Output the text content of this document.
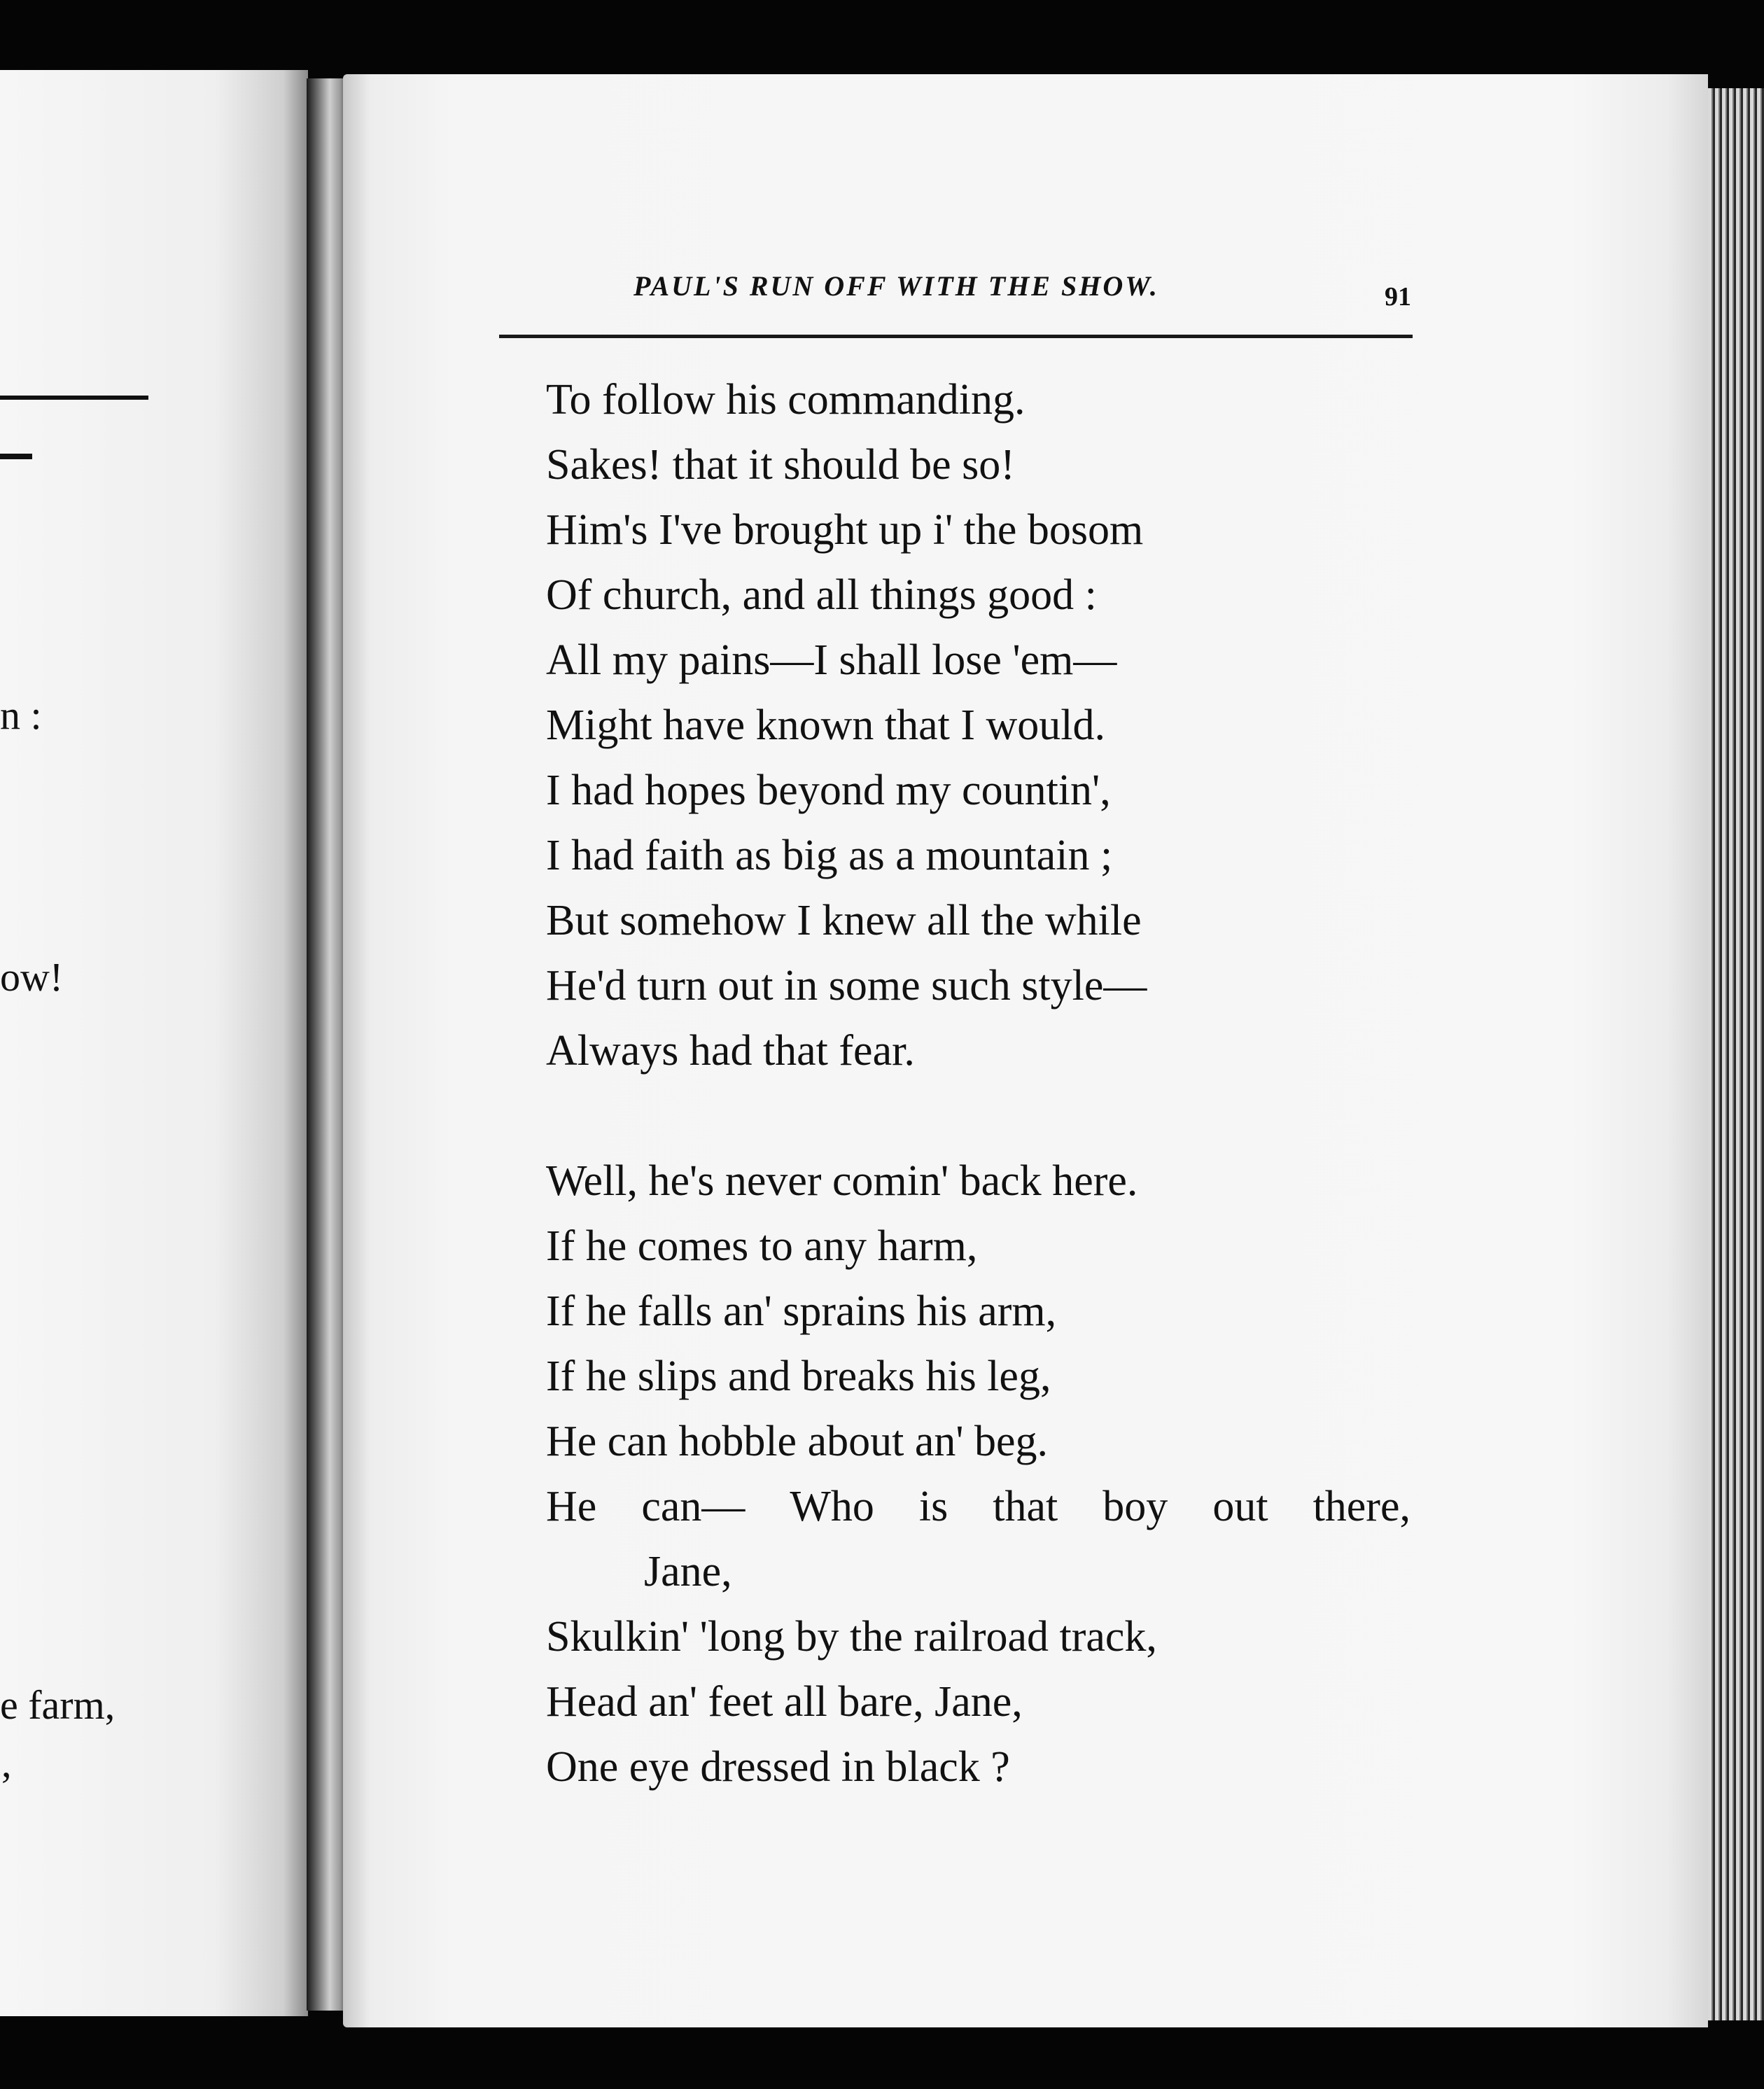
n :
ow!
e farm,
,
PAUL'S RUN OFF WITH THE SHOW.	91
To follow his commanding.
Sakes! that it should be so!
Him's I've brought up i' the bosom
Of church, and all things good :
All my pains—I shall lose 'em—
Might have known that I would.
I had hopes beyond my countin',
I had faith as big as a mountain ;
But somehow I knew all the while
He'd turn out in some such style—
Always had that fear.
Well, he's never comin' back here.
If he comes to any harm,
If he falls an' sprains his arm,
If he slips and breaks his leg,
He can hobble about an' beg.
He can— Who is that boy out there,
Jane,
Skulkin' 'long by the railroad track,
Head an' feet all bare, Jane,
One eye dressed in black ?
